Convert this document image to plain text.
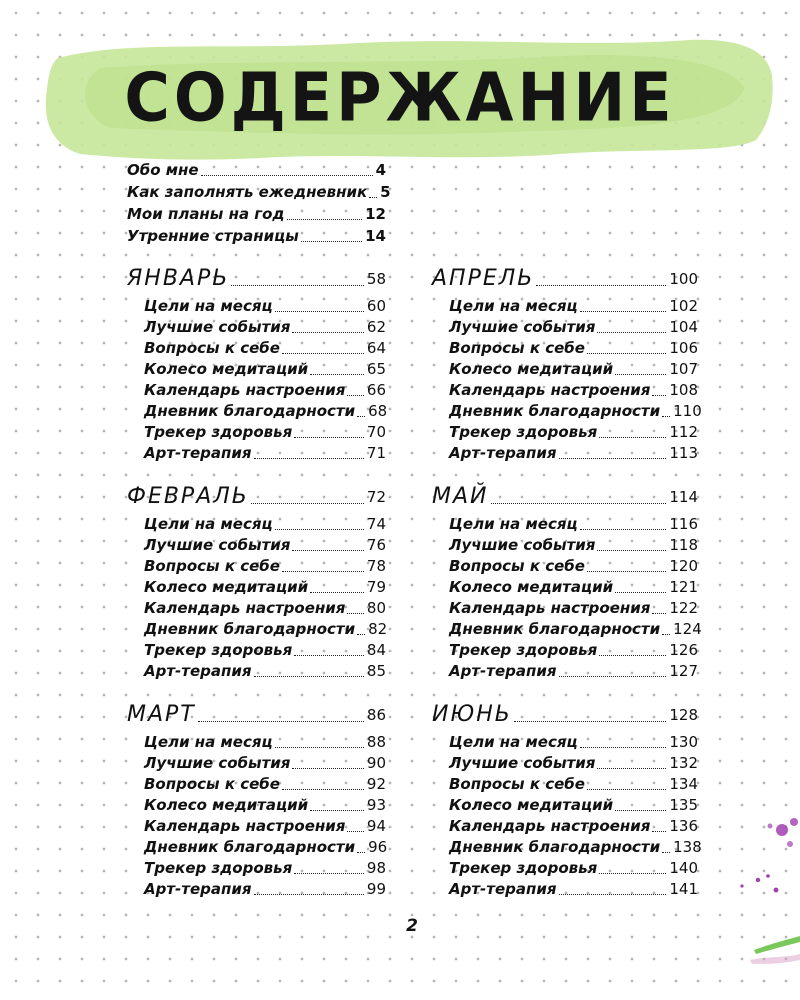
СОДЕРЖАНИЕ
Обо мне	4
Как заполнять ежедневник 5
Мои планы на год	12
Утренние страницы	14
ЯНВАРЬ	58
Цели на месяц	60
Лучшие события	62
Вопросы к себе	64
Колесо медитаций	65
Календарь настроения 66
Дневник благодарности 68
Трекер здоровья	70
Арт-терапия	71
ФЕВРАЛЬ	72
Цели на месяц	74
Лучшие события	76
Вопросы к себе	78
Колесо медитаций	79
Календарь настроения 80
Дневник благодарности 82
Трекер здоровья	84
Арт-терапия	85
МАРТ	86
Цели на месяц	88
Лучшие события	90
Вопросы к себе	92
Колесо медитаций	93
Календарь настроения 94
Дневник благодарности 96
Трекер здоровья	98
Арт-терапия	99
АПРЕЛЬ	100
Цели на месяц	102
Лучшие события	104
Вопросы к себе	106
Колесо медитаций	107
Календарь настроения 108
Дневник благодарности 110
Трекер здоровья	112
Арт-терапия	113
МАЙ	114
Цели на месяц	116
Лучшие события	118
Вопросы к себе	120
Колесо медитаций	121
Календарь настроения 122
Дневник благодарности 124
Трекер здоровья	126
Арт-терапия	127
ИЮНЬ	128
Цели на месяц	130
Лучшие события	132
Вопросы к себе	134
Колесо медитаций	135
Календарь настроения 136
Дневник благодарности 138
Трекер здоровья	140
Арт-терапия	141
2
